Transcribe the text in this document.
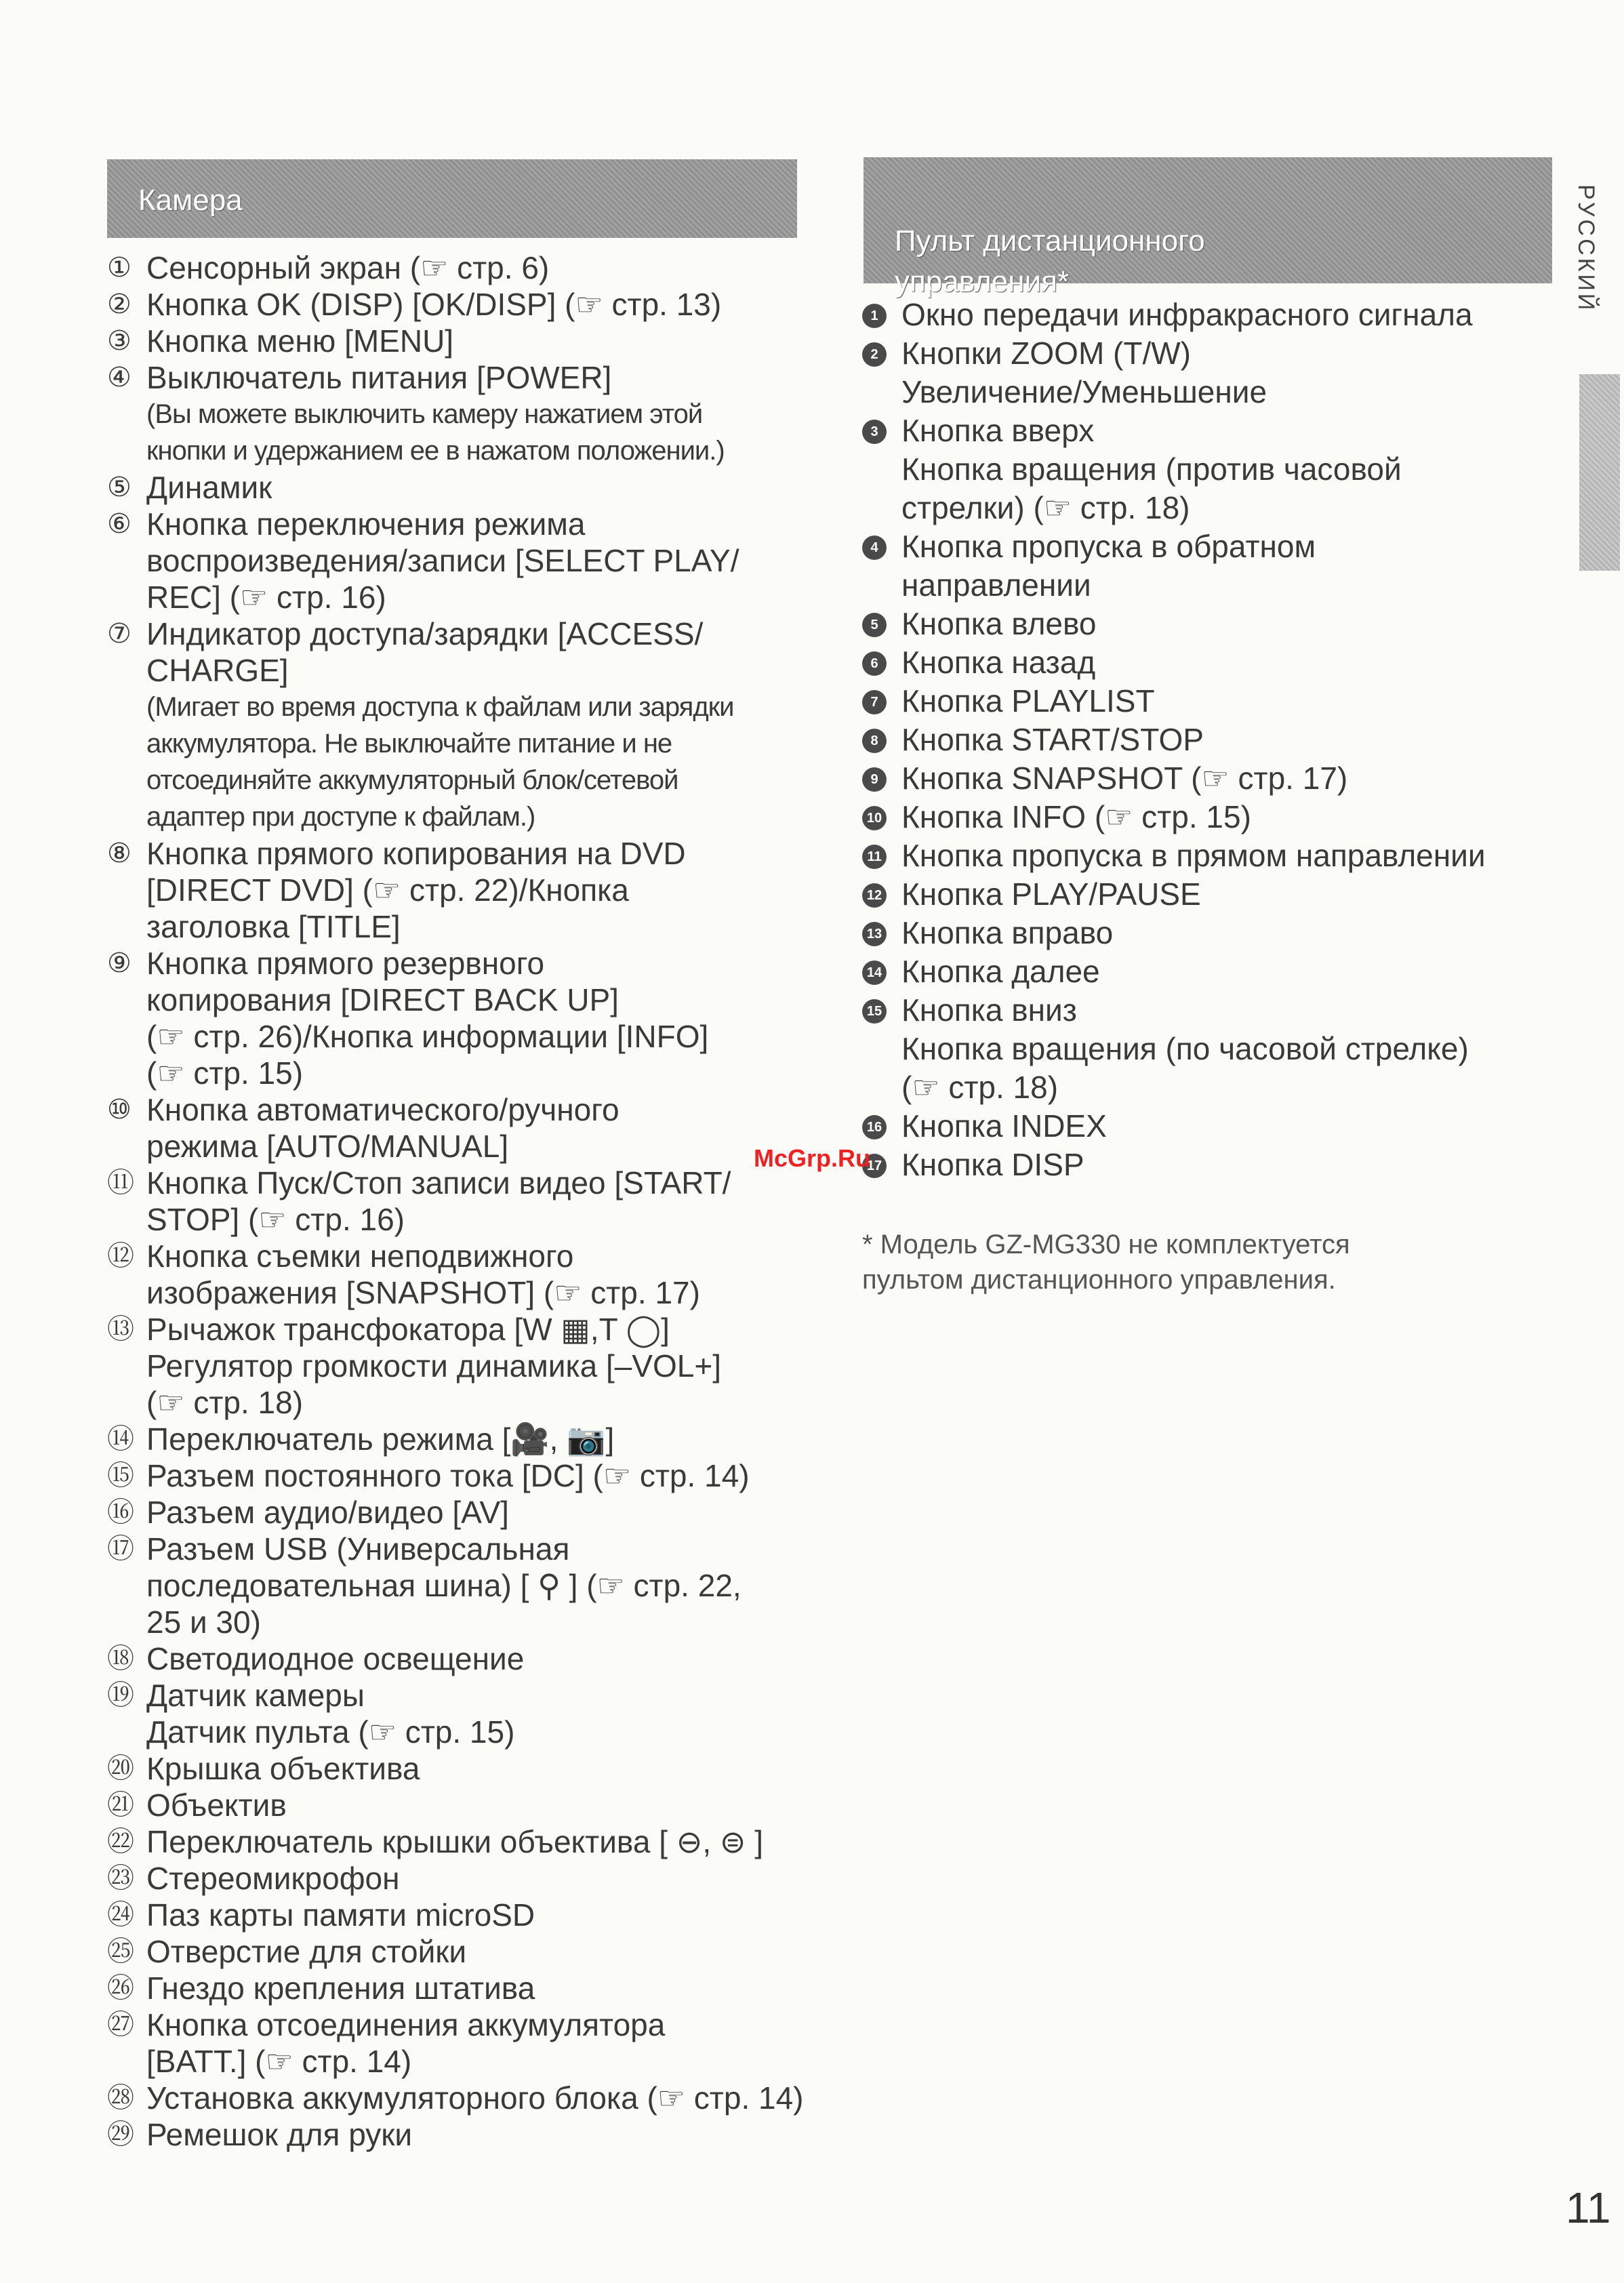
Камера
① Сенсорный экран (☞ стр. 6)
② Кнопка OK (DISP) [OK/DISP] (☞ стр. 13)
③ Кнопка меню [MENU]
④ Выключатель питания [POWER]
(Вы можете выключить камеру нажатием этой
кнопки и удержанием ее в нажатом положении.)
⑤ Динамик
⑥ Кнопка переключения режима
воспроизведения/записи [SELECT PLAY/
REC] (☞ стр. 16)
⑦ Индикатор доступа/зарядки [ACCESS/
CHARGE]
(Мигает во время доступа к файлам или зарядки
аккумулятора. Не выключайте питание и не
отсоединяйте аккумуляторный блок/сетевой
адаптер при доступе к файлам.)
⑧ Кнопка прямого копирования на DVD
[DIRECT DVD] (☞ стр. 22)/Кнопка
заголовка [TITLE]
⑨ Кнопка прямого резервного
копирования [DIRECT BACK UP]
(☞ стр. 26)/Кнопка информации [INFO]
(☞ стр. 15)
⑩ Кнопка автоматического/ручного
режима [AUTO/MANUAL]
⑪ Кнопка Пуск/Стоп записи видео [START/
STOP] (☞ стр. 16)
⑫ Кнопка съемки неподвижного
изображения [SNAPSHOT] (☞ стр. 17)
⑬ Рычажок трансфокатора [W ▦,T ◯]
Регулятор громкости динамика [–VOL+]
(☞ стр. 18)
⑭ Переключатель режима [🎥, 📷]
⑮ Разъем постоянного тока [DC] (☞ стр. 14)
⑯ Разъем аудио/видео [AV]
⑰ Разъем USB (Универсальная
последовательная шина) [ ⚲ ] (☞ стр. 22,
25 и 30)
⑱ Светодиодное освещение
⑲ Датчик камеры
Датчик пульта (☞ стр. 15)
⑳ Крышка объектива
㉑ Объектив
㉒ Переключатель крышки объектива [ ⊖, ⊜ ]
㉓ Стереомикрофон
㉔ Паз карты памяти microSD
㉕ Отверстие для стойки
㉖ Гнездо крепления штатива
㉗ Кнопка отсоединения аккумулятора
[BATT.] (☞ стр. 14)
㉘ Установка аккумуляторного блока (☞ стр. 14)
㉙ Ремешок для руки

Пульт дистанционного
управления*

1 Окно передачи инфракрасного сигнала
2 Кнопки ZOOM (T/W)
Увеличение/Уменьшение
3 Кнопка вверх
Кнопка вращения (против часовой
стрелки) (☞ стр. 18)
4 Кнопка пропуска в обратном
направлении
5 Кнопка влево
6 Кнопка назад
7 Кнопка PLAYLIST
8 Кнопка START/STOP
9 Кнопка SNAPSHOT (☞ стр. 17)
10 Кнопка INFO (☞ стр. 15)
11 Кнопка пропуска в прямом направлении
12 Кнопка PLAY/PAUSE
13 Кнопка вправо
14 Кнопка далее
15 Кнопка вниз
Кнопка вращения (по часовой стрелке)
(☞ стр. 18)
16 Кнопка INDEX
17 Кнопка DISP
* Модель GZ-MG330 не комплектуется
пультом дистанционного управления.
РУССКИЙ
McGrp.Ru
11
